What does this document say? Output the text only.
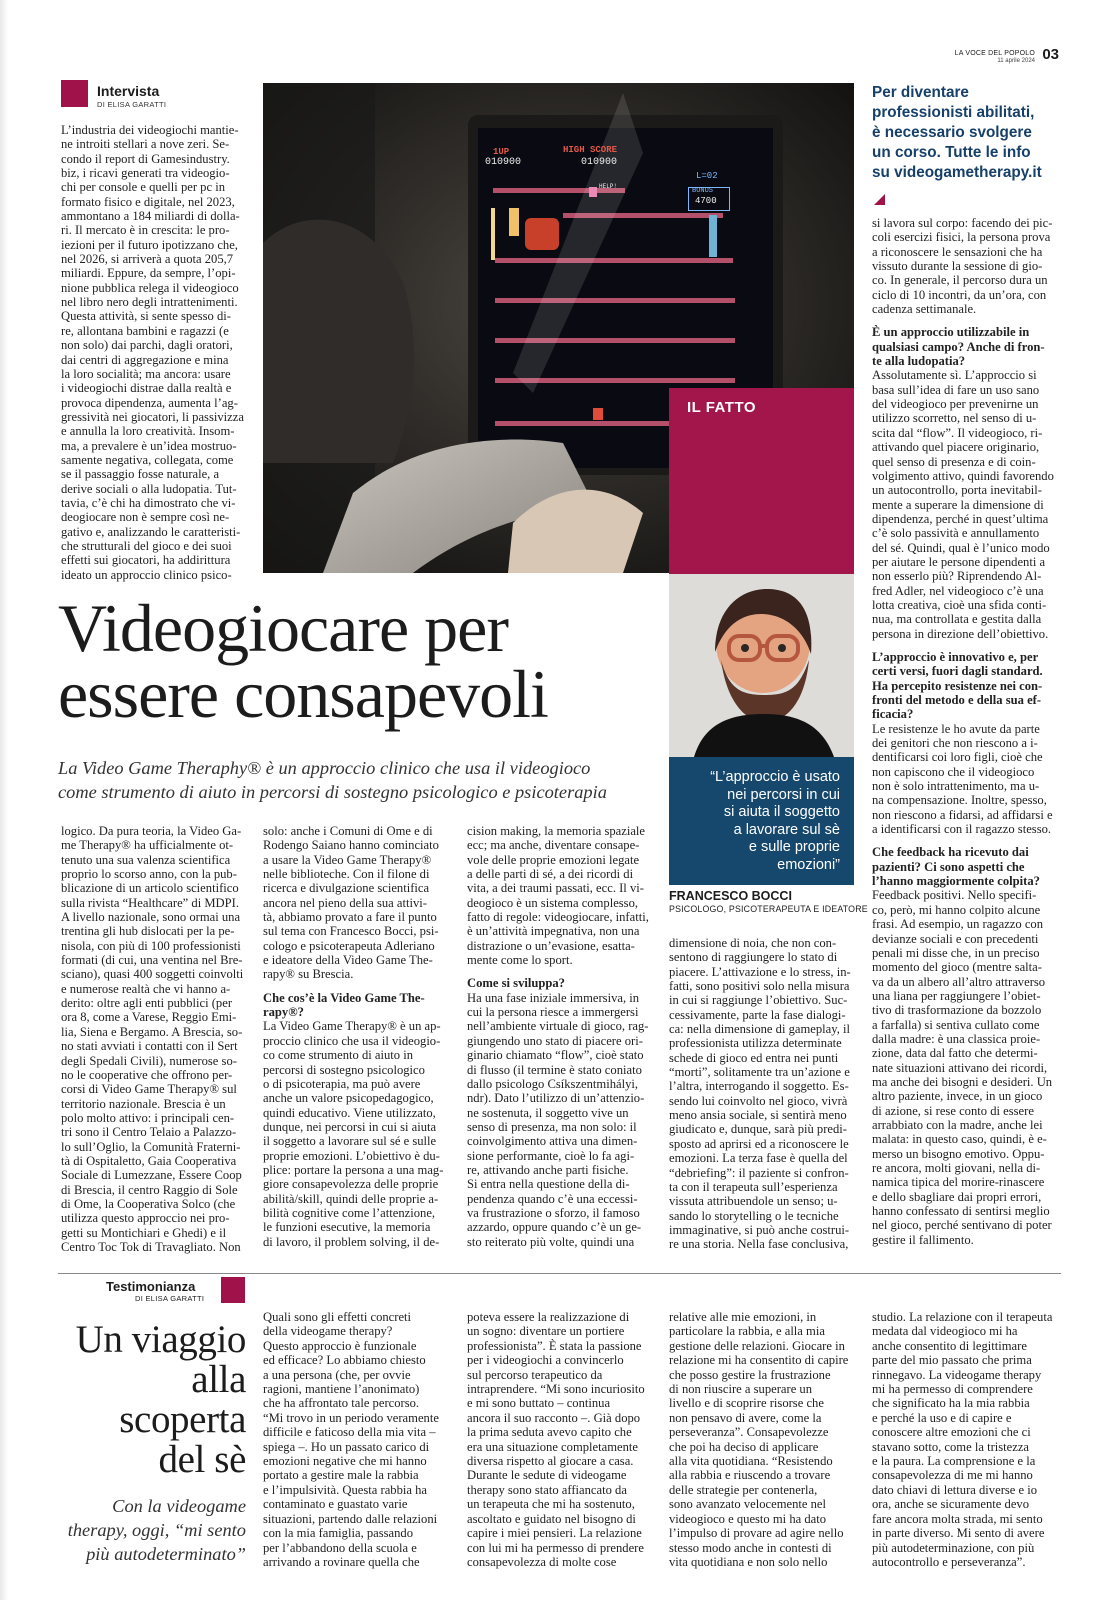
LA VOCE DEL POPOLO
11 aprile 2024 03
Intervista
DI ELISA GARATTI
L’industria dei videogiochi mantie-
ne introiti stellari a nove zeri. Se-
condo il report di Gamesindustry.
biz, i ricavi generati tra videogio-
chi per console e quelli per pc in
formato fisico e digitale, nel 2023,
ammontano a 184 miliardi di dolla-
ri. Il mercato è in crescita: le pro-
iezioni per il futuro ipotizzano che,
nel 2026, si arriverà a quota 205,7
miliardi. Eppure, da sempre, l’opi-
nione pubblica relega il videogioco
nel libro nero degli intrattenimenti.
Questa attività, si sente spesso di-
re, allontana bambini e ragazzi (e
non solo) dai parchi, dagli oratori,
dai centri di aggregazione e mina
la loro socialità; ma ancora: usare
i videogiochi distrae dalla realtà e
provoca dipendenza, aumenta l’ag-
gressività nei giocatori, li passivizza
e annulla la loro creatività. Insom-
ma, a prevalere è un’idea mostruo-
samente negativa, collegata, come
se il passaggio fosse naturale, a
derive sociali o alla ludopatia. Tut-
tavia, c’è chi ha dimostrato che vi-
deogiocare non è sempre così ne-
gativo e, analizzando le caratteristi-
che strutturali del gioco e dei suoi
effetti sui giocatori, ha addirittura
ideato un approccio clinico psico-
1UP
010900
HIGH SCORE
010900
L=02
BONUS
4700
HELP!
IL FATTO
“L’approccio è usato
nei percorsi in cui
si aiuta il soggetto
a lavorare sul sè
e sulle proprie
emozioni”
FRANCESCO BOCCI
PSICOLOGO, PSICOTERAPEUTA E IDEATORE
Per diventare
professionisti abilitati,
è necessario svolgere
un corso. Tutte le info
su videogametherapy.it
Videogiocare per
essere consapevoli
La Video Game Theraphy® è un approccio clinico che usa il videogioco
come strumento di aiuto in percorsi di sostegno psicologico e psicoterapia
logico. Da pura teoria, la Video Ga-
me Therapy® ha ufficialmente ot-
tenuto una sua valenza scientifica
proprio lo scorso anno, con la pub-
blicazione di un articolo scientifico
sulla rivista “Healthcare” di MDPI.
A livello nazionale, sono ormai una
trentina gli hub dislocati per la pe-
nisola, con più di 100 professionisti
formati (di cui, una ventina nel Bre-
sciano), quasi 400 soggetti coinvolti
e numerose realtà che vi hanno a-
derito: oltre agli enti pubblici (per
ora 8, come a Varese, Reggio Emi-
lia, Siena e Bergamo. A Brescia, so-
no stati avviati i contatti con il Sert
degli Spedali Civili), numerose so-
no le cooperative che offrono per-
corsi di Video Game Therapy® sul
territorio nazionale. Brescia è un
polo molto attivo: i principali cen-
tri sono il Centro Telaio a Palazzo-
lo sull’Oglio, la Comunità Fraterni-
tà di Ospitaletto, Gaia Cooperativa
Sociale di Lumezzane, Essere Coop
di Brescia, il centro Raggio di Sole
di Ome, la Cooperativa Solco (che
utilizza questo approccio nei pro-
getti su Montichiari e Ghedi) e il
Centro Toc Tok di Travagliato. Non
solo: anche i Comuni di Ome e di
Rodengo Saiano hanno cominciato
a usare la Video Game Therapy®
nelle biblioteche. Con il filone di
ricerca e divulgazione scientifica
ancora nel pieno della sua attivi-
tà, abbiamo provato a fare il punto
sul tema con Francesco Bocci, psi-
cologo e psicoterapeuta Adleriano
e ideatore della Video Game The-
rapy® su Brescia.
Che cos’è la Video Game The-
rapy®?
La Video Game Therapy® è un ap-
proccio clinico che usa il videogio-
co come strumento di aiuto in
percorsi di sostegno psicologico
o di psicoterapia, ma può avere
anche un valore psicopedagogico,
quindi educativo. Viene utilizzato,
dunque, nei percorsi in cui si aiuta
il soggetto a lavorare sul sé e sulle
proprie emozioni. L’obiettivo è du-
plice: portare la persona a una mag-
giore consapevolezza delle proprie
abilità/skill, quindi delle proprie a-
bilità cognitive come l’attenzione,
le funzioni esecutive, la memoria
di lavoro, il problem solving, il de-
cision making, la memoria spaziale
ecc; ma anche, diventare consape-
vole delle proprie emozioni legate
a delle parti di sé, a dei ricordi di
vita, a dei traumi passati, ecc. Il vi-
deogioco è un sistema complesso,
fatto di regole: videogiocare, infatti,
è un’attività impegnativa, non una
distrazione o un’evasione, esatta-
mente come lo sport.
Come si sviluppa?
Ha una fase iniziale immersiva, in
cui la persona riesce a immergersi
nell’ambiente virtuale di gioco, rag-
giungendo uno stato di piacere ori-
ginario chiamato “flow”, cioè stato
di flusso (il termine è stato coniato
dallo psicologo Csíkszentmihályi,
ndr). Dato l’utilizzo di un’attenzio-
ne sostenuta, il soggetto vive un
senso di presenza, ma non solo: il
coinvolgimento attiva una dimen-
sione performante, cioè lo fa agi-
re, attivando anche parti fisiche.
Si entra nella questione della di-
pendenza quando c’è una eccessi-
va frustrazione o sforzo, il famoso
azzardo, oppure quando c’è un ge-
sto reiterato più volte, quindi una
dimensione di noia, che non con-
sentono di raggiungere lo stato di
piacere. L’attivazione e lo stress, in-
fatti, sono positivi solo nella misura
in cui si raggiunge l’obiettivo. Suc-
cessivamente, parte la fase dialogi-
ca: nella dimensione di gameplay, il
professionista utilizza determinate
schede di gioco ed entra nei punti
“morti”, solitamente tra un’azione e
l’altra, interrogando il soggetto. Es-
sendo lui coinvolto nel gioco, vivrà
meno ansia sociale, si sentirà meno
giudicato e, dunque, sarà più predi-
sposto ad aprirsi ed a riconoscere le
emozioni. La terza fase è quella del
“debriefing”: il paziente si confron-
ta con il terapeuta sull’esperienza
vissuta attribuendole un senso; u-
sando lo storytelling o le tecniche
immaginative, si può anche costrui-
re una storia. Nella fase conclusiva,
si lavora sul corpo: facendo dei pic-
coli esercizi fisici, la persona prova
a riconoscere le sensazioni che ha
vissuto durante la sessione di gio-
co. In generale, il percorso dura un
ciclo di 10 incontri, da un’ora, con
cadenza settimanale.
È un approccio utilizzabile in
qualsiasi campo? Anche di fron-
te alla ludopatia?
Assolutamente sì. L’approccio si
basa sull’idea di fare un uso sano
del videogioco per prevenirne un
utilizzo scorretto, nel senso di u-
scita dal “flow”. Il videogioco, ri-
attivando quel piacere originario,
quel senso di presenza e di coin-
volgimento attivo, quindi favorendo
un autocontrollo, porta inevitabil-
mente a superare la dimensione di
dipendenza, perché in quest’ultima
c’è solo passività e annullamento
del sé. Quindi, qual è l’unico modo
per aiutare le persone dipendenti a
non esserlo più? Riprendendo Al-
fred Adler, nel videogioco c’è una
lotta creativa, cioè una sfida conti-
nua, ma controllata e gestita dalla
persona in direzione dell’obiettivo.
L’approccio è innovativo e, per
certi versi, fuori dagli standard.
Ha percepito resistenze nei con-
fronti del metodo e della sua ef-
ficacia?
Le resistenze le ho avute da parte
dei genitori che non riescono a i-
dentificarsi coi loro figli, cioè che
non capiscono che il videogioco
non è solo intrattenimento, ma u-
na compensazione. Inoltre, spesso,
non riescono a fidarsi, ad affidarsi e
a identificarsi con il ragazzo stesso.
Che feedback ha ricevuto dai
pazienti? Ci sono aspetti che
l’hanno maggiormente colpita?
Feedback positivi. Nello specifi-
co, però, mi hanno colpito alcune
frasi. Ad esempio, un ragazzo con
devianze sociali e con precedenti
penali mi disse che, in un preciso
momento del gioco (mentre salta-
va da un albero all’altro attraverso
una liana per raggiungere l’obiet-
tivo di trasformazione da bozzolo
a farfalla) si sentiva cullato come
dalla madre: è una classica proie-
zione, data dal fatto che determi-
nate situazioni attivano dei ricordi,
ma anche dei bisogni e desideri. Un
altro paziente, invece, in un gioco
di azione, si rese conto di essere
arrabbiato con la madre, anche lei
malata: in questo caso, quindi, è e-
merso un bisogno emotivo. Oppu-
re ancora, molti giovani, nella di-
namica tipica del morire-rinascere
e dello sbagliare dai propri errori,
hanno confessato di sentirsi meglio
nel gioco, perché sentivano di poter
gestire il fallimento.
Testimonianza
DI ELISA GARATTI
Un viaggio
alla
scoperta
del sè
Con la videogame
therapy, oggi, “mi sento
più autodeterminato”
Quali sono gli effetti concreti
della videogame therapy?
Questo approccio è funzionale
ed efficace? Lo abbiamo chiesto
a una persona (che, per ovvie
ragioni, mantiene l’anonimato)
che ha affrontato tale percorso.
“Mi trovo in un periodo veramente
difficile e faticoso della mia vita –
spiega –. Ho un passato carico di
emozioni negative che mi hanno
portato a gestire male la rabbia
e l’impulsività. Questa rabbia ha
contaminato e guastato varie
situazioni, partendo dalle relazioni
con la mia famiglia, passando
per l’abbandono della scuola e
arrivando a rovinare quella che
poteva essere la realizzazione di
un sogno: diventare un portiere
professionista”. È stata la passione
per i videogiochi a convincerlo
sul percorso terapeutico da
intraprendere. “Mi sono incuriosito
e mi sono buttato – continua
ancora il suo racconto –. Già dopo
la prima seduta avevo capito che
era una situazione completamente
diversa rispetto al giocare a casa.
Durante le sedute di videogame
therapy sono stato affiancato da
un terapeuta che mi ha sostenuto,
ascoltato e guidato nel bisogno di
capire i miei pensieri. La relazione
con lui mi ha permesso di prendere
consapevolezza di molte cose
relative alle mie emozioni, in
particolare la rabbia, e alla mia
gestione delle relazioni. Giocare in
relazione mi ha consentito di capire
che posso gestire la frustrazione
di non riuscire a superare un
livello e di scoprire risorse che
non pensavo di avere, come la
perseveranza”. Consapevolezze
che poi ha deciso di applicare
alla vita quotidiana. “Resistendo
alla rabbia e riuscendo a trovare
delle strategie per contenerla,
sono avanzato velocemente nel
videogioco e questo mi ha dato
l’impulso di provare ad agire nello
stesso modo anche in contesti di
vita quotidiana e non solo nello
studio. La relazione con il terapeuta
medata dal videogioco mi ha
anche consentito di legittimare
parte del mio passato che prima
rinnegavo. La videogame therapy
mi ha permesso di comprendere
che significato ha la mia rabbia
e perché la uso e di capire e
conoscere altre emozioni che ci
stavano sotto, come la tristezza
e la paura. La comprensione e la
consapevolezza di me mi hanno
dato chiavi di lettura diverse e io
ora, anche se sicuramente devo
fare ancora molta strada, mi sento
in parte diverso. Mi sento di avere
più autodeterminazione, con più
autocontrollo e perseveranza”.
